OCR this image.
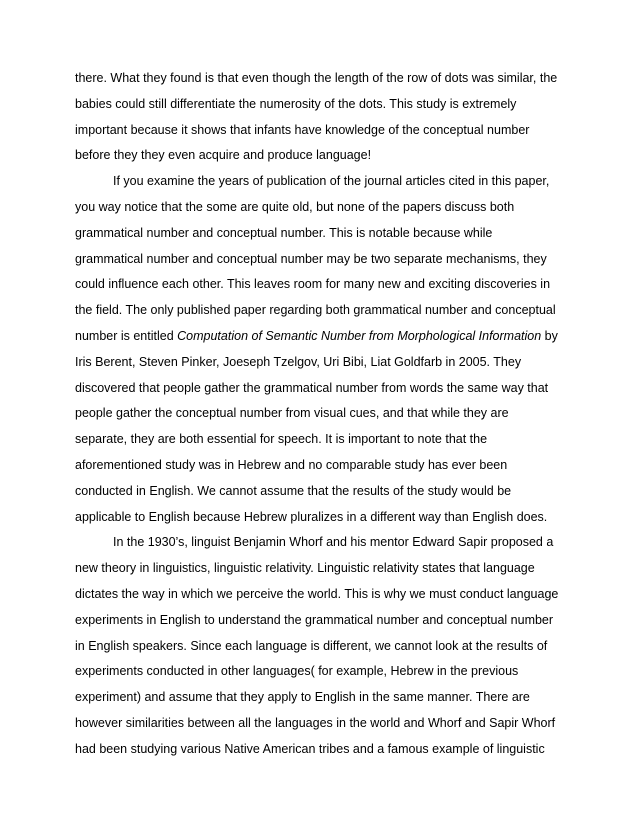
there. What they found is that even though the length of the row of dots was similar, the
babies could still differentiate the numerosity of the dots. This study is extremely
important because it shows that infants have knowledge of the conceptual number
before they they even acquire and produce language!

If you examine the years of publication of the journal articles cited in this paper,
you way notice that the some are quite old, but none of the papers discuss both
grammatical number and conceptual number. This is notable because while
grammatical number and conceptual number may be two separate mechanisms, they
could influence each other. This leaves room for many new and exciting discoveries in
the field. The only published paper regarding both grammatical number and conceptual
number is entitled Computation of Semantic Number from Morphological Information by
Iris Berent, Steven Pinker, Joeseph Tzelgov, Uri Bibi, Liat Goldfarb in 2005. They
discovered that people gather the grammatical number from words the same way that
people gather the conceptual number from visual cues, and that while they are
separate, they are both essential for speech. It is important to note that the
aforementioned study was in Hebrew and no comparable study has ever been
conducted in English. We cannot assume that the results of the study would be
applicable to English because Hebrew pluralizes in a different way than English does.

In the 1930’s, linguist Benjamin Whorf and his mentor Edward Sapir proposed a
new theory in linguistics, linguistic relativity. Linguistic relativity states that language
dictates the way in which we perceive the world. This is why we must conduct language
experiments in English to understand the grammatical number and conceptual number
in English speakers. Since each language is different, we cannot look at the results of
experiments conducted in other languages( for example, Hebrew in the previous
experiment) and assume that they apply to English in the same manner. There are
however similarities between all the languages in the world and Whorf and Sapir Whorf
had been studying various Native American tribes and a famous example of linguistic
